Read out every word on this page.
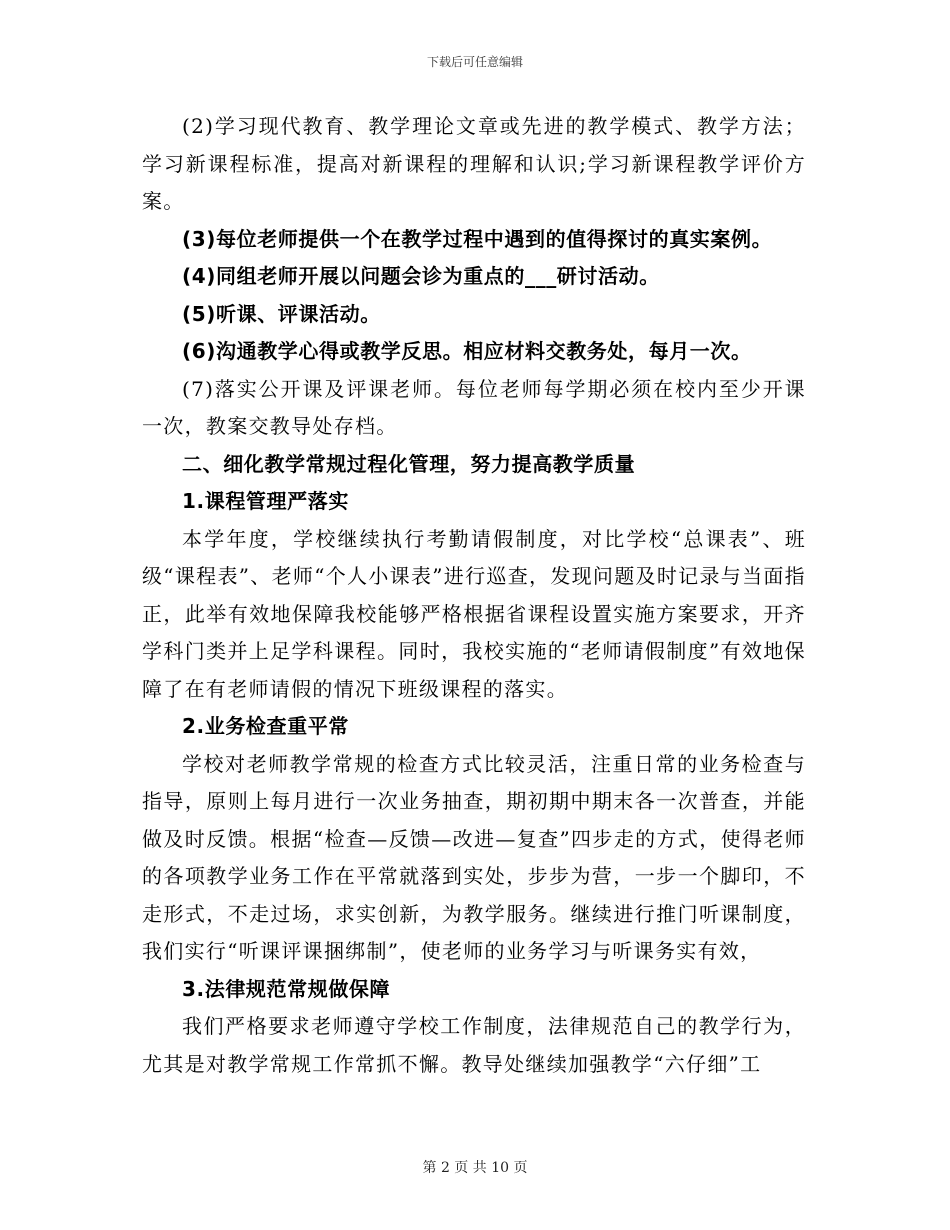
下载后可任意编辑

(2)学习现代教育、教学理论文章或先进的教学模式、教学方法；学习新课程标准，提高对新课程的理解和认识;学习新课程教学评价方案。

(3)每位老师提供一个在教学过程中遇到的值得探讨的真实案例。

(4)同组老师开展以问题会诊为重点的___研讨活动。

(5)听课、评课活动。

(6)沟通教学心得或教学反思。相应材料交教务处，每月一次。

(7)落实公开课及评课老师。每位老师每学期必须在校内至少开课一次，教案交教导处存档。

二、细化教学常规过程化管理，努力提高教学质量

1.课程管理严落实

本学年度，学校继续执行考勤请假制度，对比学校“总课表”、班级“课程表”、老师“个人小课表”进行巡查，发现问题及时记录与当面指正，此举有效地保障我校能够严格根据省课程设置实施方案要求，开齐学科门类并上足学科课程。同时，我校实施的“老师请假制度”有效地保障了在有老师请假的情况下班级课程的落实。

2.业务检查重平常

学校对老师教学常规的检查方式比较灵活，注重日常的业务检查与指导，原则上每月进行一次业务抽查，期初期中期末各一次普查，并能做及时反馈。根据“检查—反馈—改进—复查”四步走的方式，使得老师的各项教学业务工作在平常就落到实处，步步为营，一步一个脚印，不走形式，不走过场，求实创新，为教学服务。继续进行推门听课制度，我们实行“听课评课捆绑制”，使老师的业务学习与听课务实有效，

3.法律规范常规做保障

我们严格要求老师遵守学校工作制度，法律规范自己的教学行为，尤其是对教学常规工作常抓不懈。教导处继续加强教学“六仔细”工

第 2 页 共 10 页
